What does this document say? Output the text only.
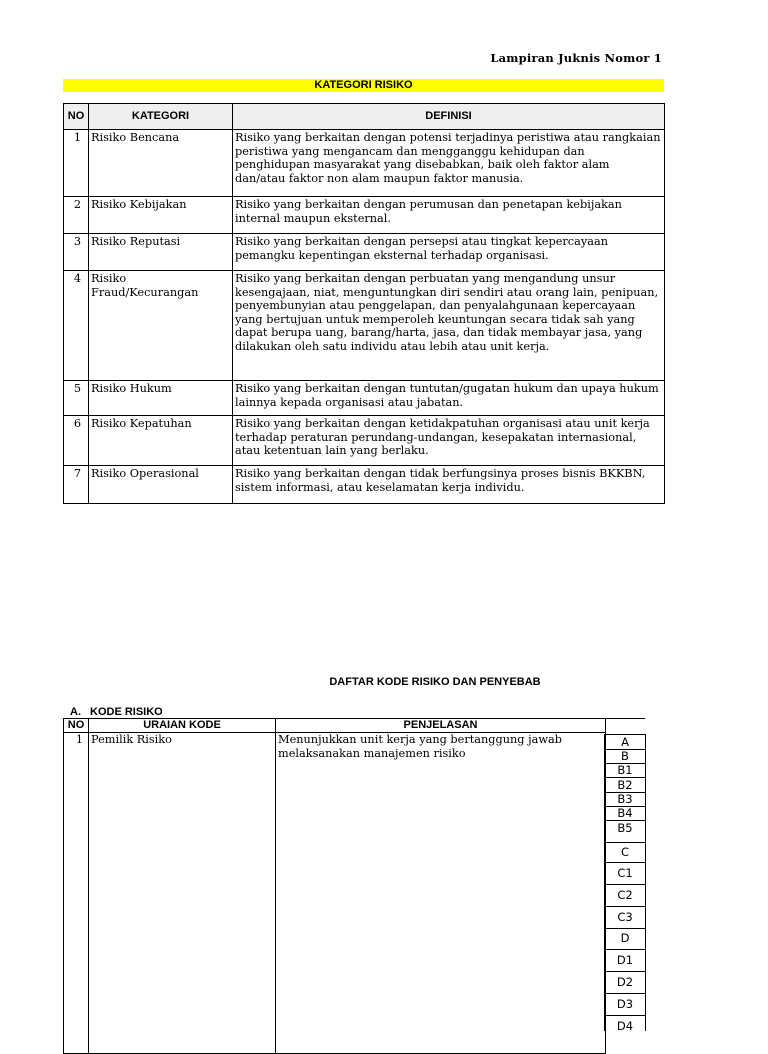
Lampiran Juknis Nomor 1
KATEGORI RISIKO
NO	KATEGORI	DEFINISI
1	Risiko Bencana	Risiko yang berkaitan dengan potensi terjadinya peristiwa atau rangkaian peristiwa yang mengancam dan mengganggu kehidupan dan penghidupan masyarakat yang disebabkan, baik oleh faktor alam dan/atau faktor non alam maupun faktor manusia.
2	Risiko Kebijakan	Risiko yang berkaitan dengan perumusan dan penetapan kebijakan internal maupun eksternal.
3	Risiko Reputasi	Risiko yang berkaitan dengan persepsi atau tingkat kepercayaan pemangku kepentingan eksternal terhadap organisasi.
4	Risiko Fraud/Kecurangan	Risiko yang berkaitan dengan perbuatan yang mengandung unsur kesengajaan, niat, menguntungkan diri sendiri atau orang lain, penipuan, penyembunyian atau penggelapan, dan penyalahgunaan kepercayaan yang bertujuan untuk memperoleh keuntungan secara tidak sah yang dapat berupa uang, barang/harta, jasa, dan tidak membayar jasa, yang dilakukan oleh satu individu atau lebih atau unit kerja.
5	Risiko Hukum	Risiko yang berkaitan dengan tuntutan/gugatan hukum dan upaya hukum lainnya kepada organisasi atau jabatan.
6	Risiko Kepatuhan	Risiko yang berkaitan dengan ketidakpatuhan organisasi atau unit kerja terhadap peraturan perundang-undangan, kesepakatan internasional, atau ketentuan lain yang berlaku.
7	Risiko Operasional	Risiko yang berkaitan dengan tidak berfungsinya proses bisnis BKKBN, sistem informasi, atau keselamatan kerja individu.
DAFTAR KODE RISIKO DAN PENYEBAB
A. KODE RISIKO
NO	URAIAN KODE	PENJELASAN
1	Pemilik Risiko	Menunjukkan unit kerja yang bertanggung jawab melaksanakan manajemen risiko
A
B
B1
B2
B3
B4
B5
C
C1
C2
C3
D
D1
D2
D3
D4
